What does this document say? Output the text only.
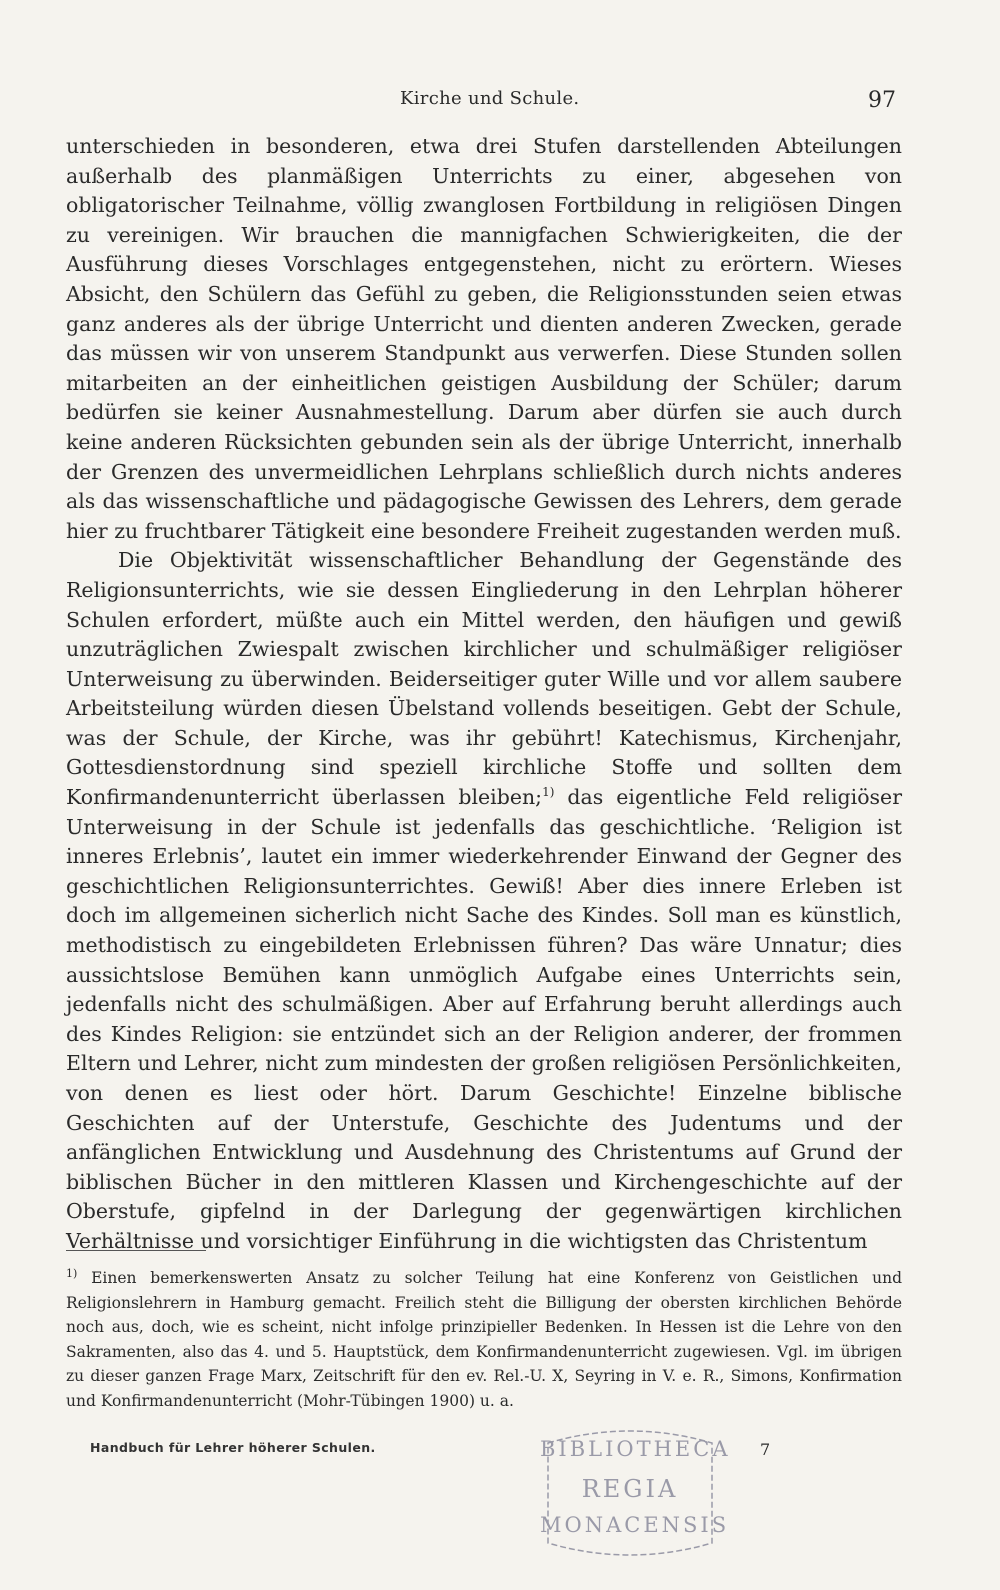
Kirche und Schule.	97

unterschieden in besonderen, etwa drei Stufen darstellenden Abteilungen außerhalb des planmäßigen Unterrichts zu einer, abgesehen von obligatorischer Teilnahme, völlig zwanglosen Fortbildung in religiösen Dingen zu vereinigen. Wir brauchen die mannigfachen Schwierigkeiten, die der Ausführung dieses Vorschlages entgegenstehen, nicht zu erörtern. Wieses Absicht, den Schülern das Gefühl zu geben, die Religionsstunden seien etwas ganz anderes als der übrige Unterricht und dienten anderen Zwecken, gerade das müssen wir von unserem Standpunkt aus verwerfen. Diese Stunden sollen mitarbeiten an der einheitlichen geistigen Ausbildung der Schüler; darum bedürfen sie keiner Ausnahmestellung. Darum aber dürfen sie auch durch keine anderen Rücksichten gebunden sein als der übrige Unterricht, innerhalb der Grenzen des unvermeidlichen Lehrplans schließlich durch nichts anderes als das wissenschaftliche und pädagogische Gewissen des Lehrers, dem gerade hier zu fruchtbarer Tätigkeit eine besondere Freiheit zugestanden werden muß.

Die Objektivität wissenschaftlicher Behandlung der Gegenstände des Religionsunterrichts, wie sie dessen Eingliederung in den Lehrplan höherer Schulen erfordert, müßte auch ein Mittel werden, den häufigen und gewiß unzuträglichen Zwiespalt zwischen kirchlicher und schulmäßiger religiöser Unterweisung zu überwinden. Beiderseitiger guter Wille und vor allem saubere Arbeitsteilung würden diesen Übelstand vollends beseitigen. Gebt der Schule, was der Schule, der Kirche, was ihr gebührt! Katechismus, Kirchenjahr, Gottesdienstordnung sind speziell kirchliche Stoffe und sollten dem Konfirmandenunterricht überlassen bleiben;$^{1)}$ das eigentliche Feld religiöser Unterweisung in der Schule ist jedenfalls das geschichtliche. ‘Religion ist inneres Erlebnis’, lautet ein immer wiederkehrender Einwand der Gegner des geschichtlichen Religionsunterrichtes. Gewiß! Aber dies innere Erleben ist doch im allgemeinen sicherlich nicht Sache des Kindes. Soll man es künstlich, methodistisch zu eingebildeten Erlebnissen führen? Das wäre Unnatur; dies aussichtslose Bemühen kann unmöglich Aufgabe eines Unterrichts sein, jedenfalls nicht des schulmäßigen. Aber auf Erfahrung beruht allerdings auch des Kindes Religion: sie entzündet sich an der Religion anderer, der frommen Eltern und Lehrer, nicht zum mindesten der großen religiösen Persönlichkeiten, von denen es liest oder hört. Darum Geschichte! Einzelne biblische Geschichten auf der Unterstufe, Geschichte des Judentums und der anfänglichen Entwicklung und Ausdehnung des Christentums auf Grund der biblischen Bücher in den mittleren Klassen und Kirchengeschichte auf der Oberstufe, gipfelnd in der Darlegung der gegenwärtigen kirchlichen Verhältnisse und vorsichtiger Einführung in die wichtigsten das Christentum

$^{1)}$ Einen bemerkenswerten Ansatz zu solcher Teilung hat eine Konferenz von Geistlichen und Religionslehrern in Hamburg gemacht. Freilich steht die Billigung der obersten kirchlichen Behörde noch aus, doch, wie es scheint, nicht infolge prinzipieller Bedenken. In Hessen ist die Lehre von den Sakramenten, also das 4. und 5. Hauptstück, dem Konfirmandenunterricht zugewiesen. Vgl. im übrigen zu dieser ganzen Frage Marx, Zeitschrift für den ev. Rel.-U. X, Seyring in V. e. R., Simons, Konfirmation und Konfirmandenunterricht (Mohr-Tübingen 1900) u. a.

Handbuch für Lehrer höherer Schulen.	BIBLIOTHECA
REGIA
MONACENSIS
7
